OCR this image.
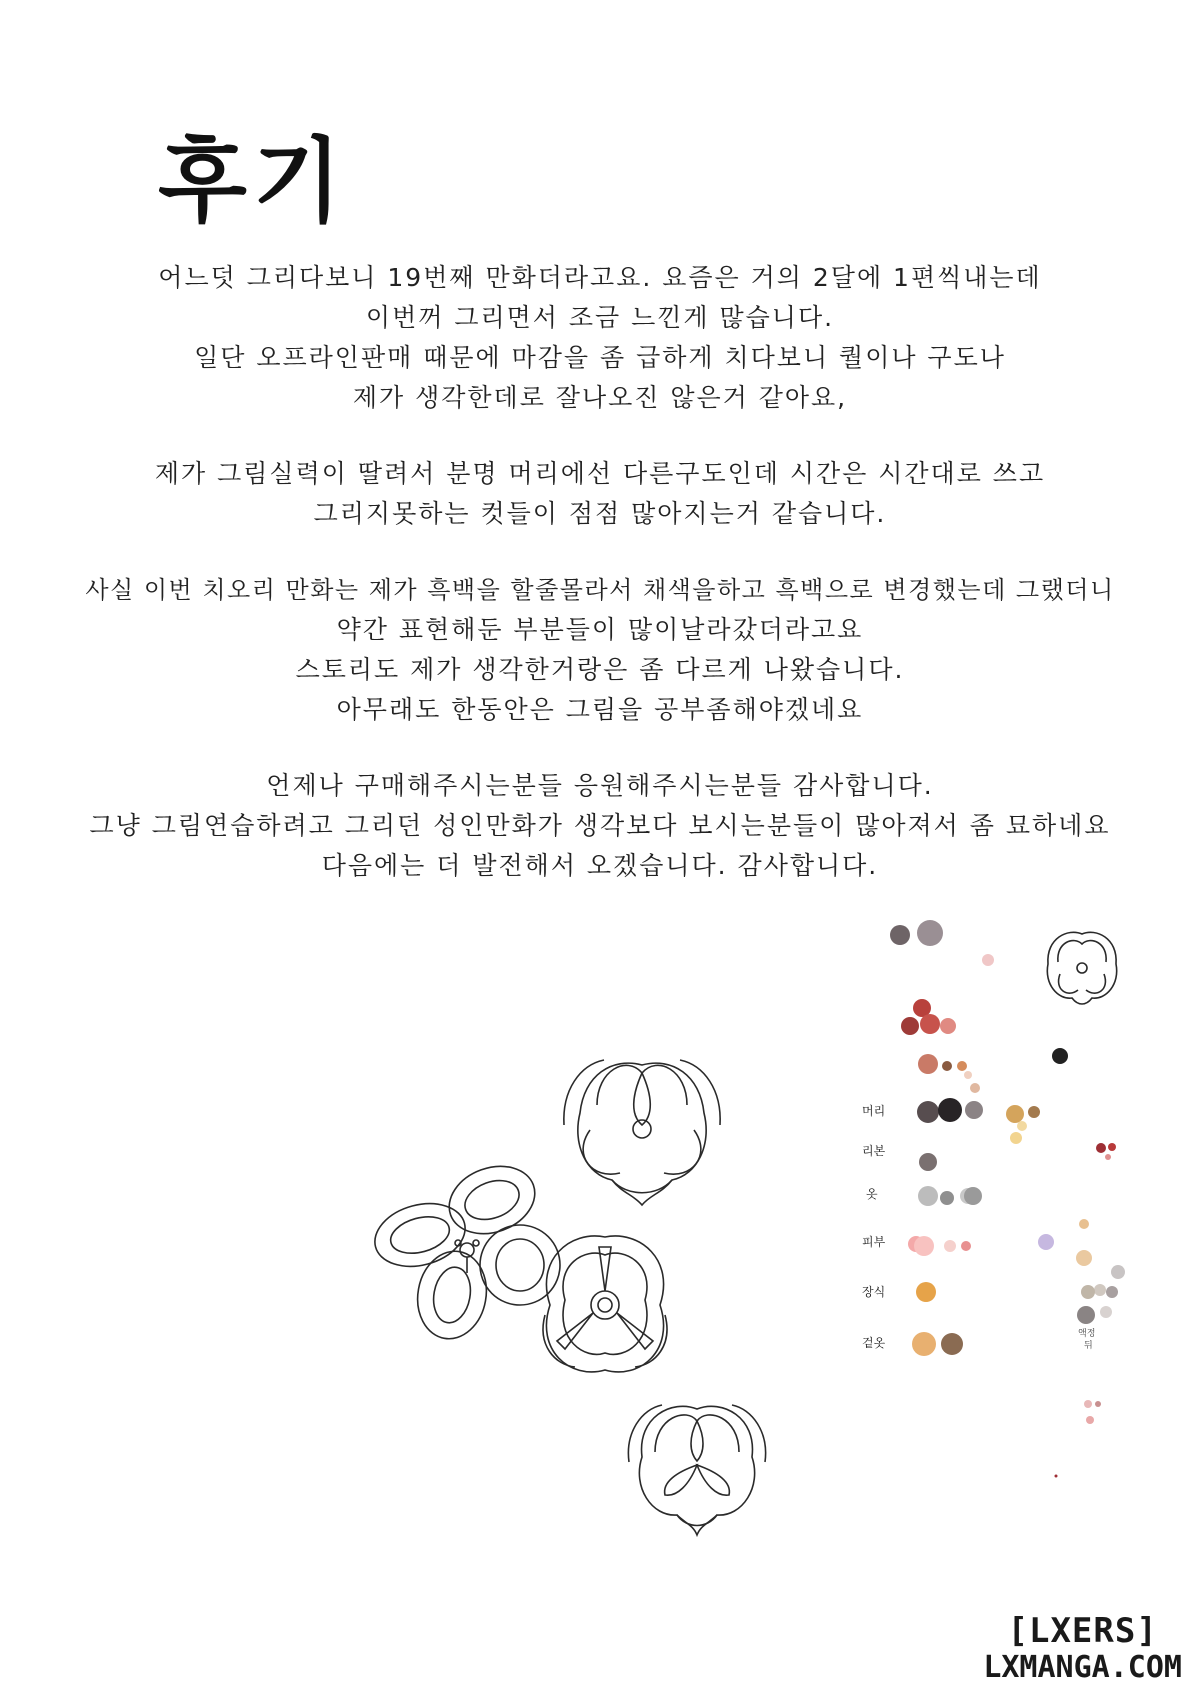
후기
어느덧 그리다보니 19번째 만화더라고요. 요즘은 거의 2달에 1편씩내는데
이번꺼 그리면서 조금 느낀게 많습니다.
일단 오프라인판매 때문에 마감을 좀 급하게 치다보니 퀄이나 구도나
제가 생각한데로 잘나오진 않은거 같아요,
제가 그림실력이 딸려서 분명 머리에선 다른구도인데 시간은 시간대로 쓰고
그리지못하는 컷들이 점점 많아지는거 같습니다.
사실 이번 치오리 만화는 제가 흑백을 할줄몰라서 채색을하고 흑백으로 변경했는데 그랬더니
약간 표현해둔 부분들이 많이날라갔더라고요
스토리도 제가 생각한거랑은 좀 다르게 나왔습니다.
아무래도 한동안은 그림을 공부좀해야겠네요
언제나 구매해주시는분들 응원해주시는분들 감사합니다.
그냥 그림연습하려고 그리던 성인만화가 생각보다 보시는분들이 많아져서 좀 묘하네요
다음에는 더 발전해서 오겠습니다. 감사합니다.
머리
리본
옷
피부
장식
겉옷
액정
뒤
[LXERS]
LXMANGA.COM
